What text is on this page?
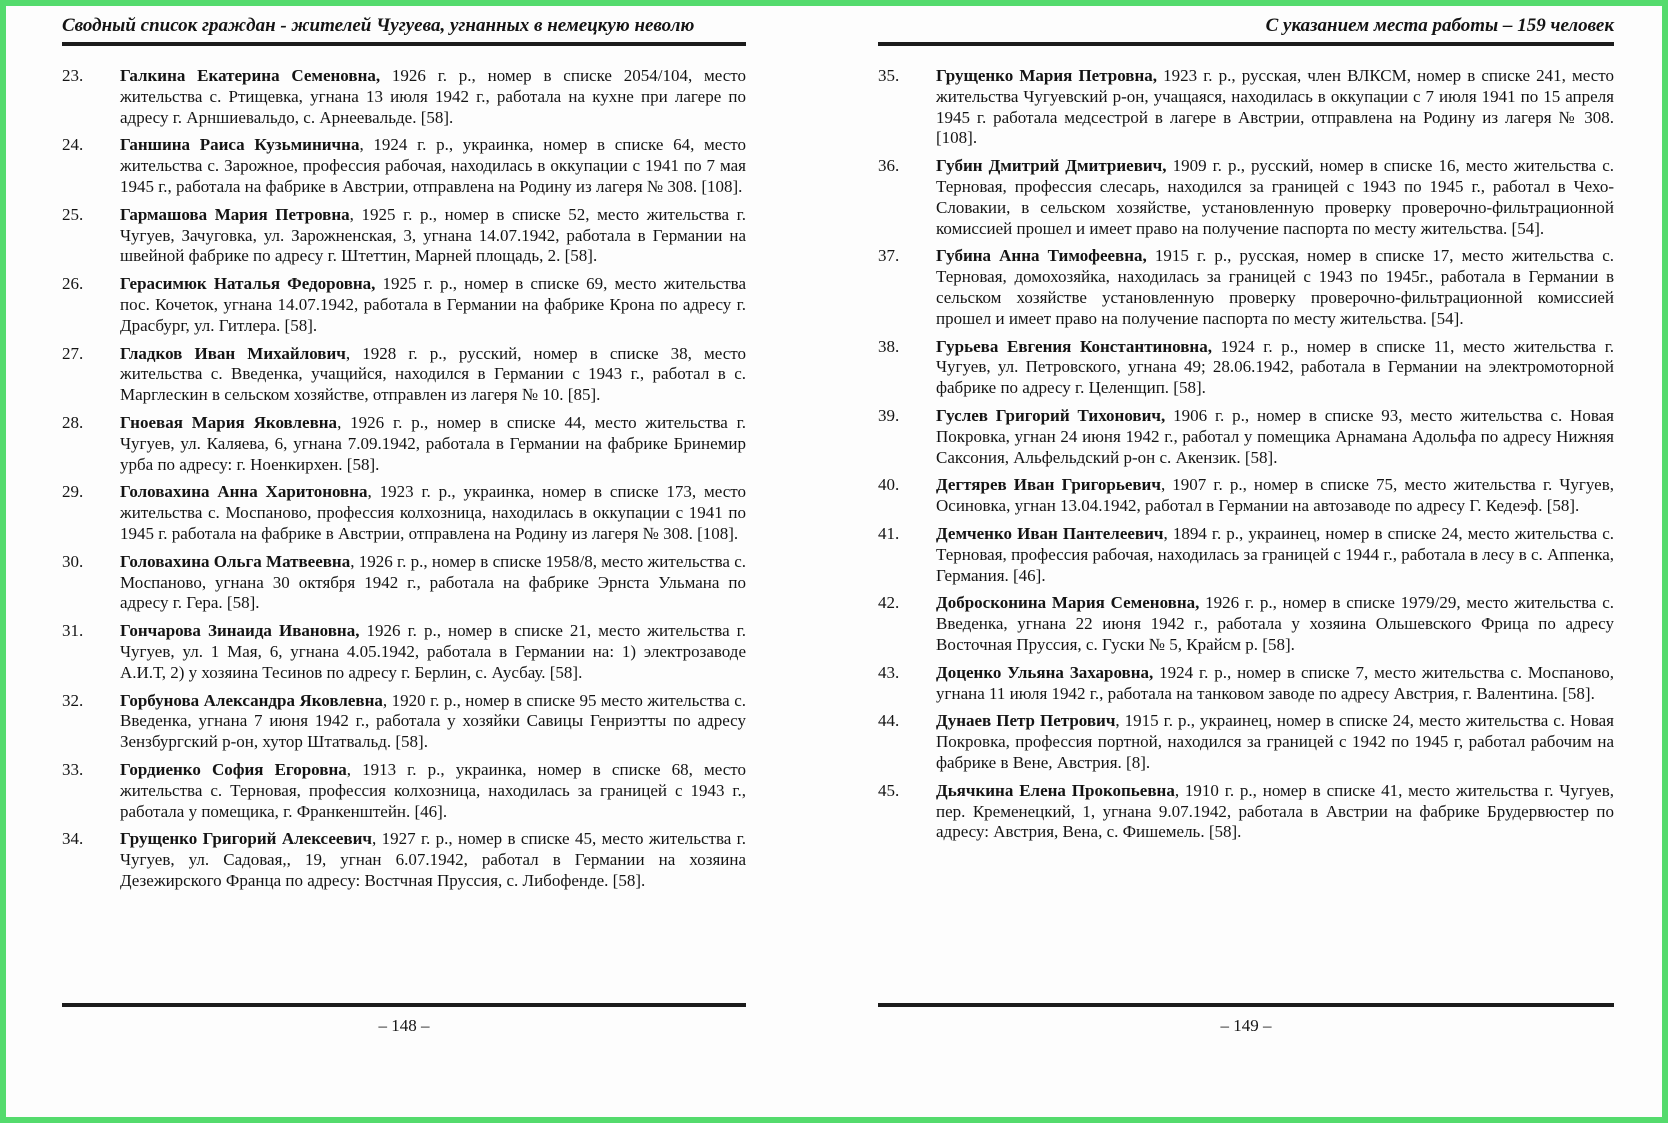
Сводный список граждан - жителей Чугуева, угнанных в немецкую неволю
23.	Галкина Екатерина Семеновна, 1926 г. р., номер в списке 2054/104, место жительства с. Ртищевка, угнана 13 июля 1942 г., работала на кухне при лагере по адресу г. Арншиевальдо, с. Арнеевальде. [58].
24.	Ганшина Раиса Кузьминична, 1924 г. р., украинка, номер в списке 64, место жительства с. Зарожное, профессия рабочая, находилась в оккупации с 1941 по 7 мая 1945 г., работала на фабрике в Австрии, отправлена на Родину из лагеря № 308. [108].
25.	Гармашова Мария Петровна, 1925 г. р., номер в списке 52, место жительства г. Чугуев, Зачуговка, ул. Зарожненская, 3, угнана 14.07.1942, работала в Германии на швейной фабрике по адресу г. Штеттин, Марней площадь, 2. [58].
26.	Герасимюк Наталья Федоровна, 1925 г. р., номер в списке 69, место жительства пос. Кочеток, угнана 14.07.1942, работала в Германии на фабрике Крона по адресу г. Драсбург, ул. Гитлера. [58].
27.	Гладков Иван Михайлович, 1928 г. р., русский, номер в списке 38, место жительства с. Введенка, учащийся, находился в Германии с 1943 г., работал в с. Марглескин в сельском хозяйстве, отправлен из лагеря № 10. [85].
28.	Гноевая Мария Яковлевна, 1926 г. р., номер в списке 44, место жительства г. Чугуев, ул. Каляева, 6, угнана 7.09.1942, работала в Германии на фабрике Бринемир урба по адресу: г. Ноенкирхен. [58].
29.	Головахина Анна Харитоновна, 1923 г. р., украинка, номер в списке 173, место жительства с. Моспаново, профессия колхозница, находилась в оккупации с 1941 по 1945 г. работала на фабрике в Австрии, отправлена на Родину из лагеря № 308. [108].
30.	Головахина Ольга Матвеевна, 1926 г. р., номер в списке 1958/8, место жительства с. Моспаново, угнана 30 октября 1942 г., работала на фабрике Эрнста Ульмана по адресу г. Гера. [58].
31.	Гончарова Зинаида Ивановна, 1926 г. р., номер в списке 21, место жительства г. Чугуев, ул. 1 Мая, 6, угнана 4.05.1942, работала в Германии на: 1) электрозаводе А.И.Т, 2) у хозяина Тесинов по адресу г. Берлин, с. Аусбау. [58].
32.	Горбунова Александра Яковлевна, 1920 г. р., номер в списке 95 место жительства с. Введенка, угнана 7 июня 1942 г., работала у хозяйки Савицы Генриэтты по адресу Зензбургский р-он, хутор Штатвальд. [58].
33.	Гордиенко София Егоровна, 1913 г. р., украинка, номер в списке 68, место жительства с. Терновая, профессия колхозница, находилась за границей с 1943 г., работала у помещика, г. Франкенштейн. [46].
34.	Грущенко Григорий Алексеевич, 1927 г. р., номер в списке 45, место жительства г. Чугуев, ул. Садовая,, 19, угнан 6.07.1942, работал в Германии на хозяина Дезежирского Франца по адресу: Востчная Пруссия, с. Либофенде. [58].
– 148 –
С указанием места работы – 159 человек
35.	Грущенко Мария Петровна, 1923 г. р., русская, член ВЛКСМ, номер в списке 241, место жительства Чугуевский р-он, учащаяся, находилась в оккупации с 7 июля 1941 по 15 апреля 1945 г. работала медсестрой в лагере в Австрии, отправлена на Родину из лагеря № 308. [108].
36.	Губин Дмитрий Дмитриевич, 1909 г. р., русский, номер в списке 16, место жительства с. Терновая, профессия слесарь, находился за границей с 1943 по 1945 г., работал в Чехо-Словакии, в сельском хозяйстве, установленную проверку проверочно-фильтрационной комиссией прошел и имеет право на получение паспорта по месту жительства. [54].
37.	Губина Анна Тимофеевна, 1915 г. р., русская, номер в списке 17, место жительства с. Терновая, домохозяйка, находилась за границей с 1943 по 1945г., работала в Германии в сельском хозяйстве установленную проверку проверочно-фильтрационной комиссией прошел и имеет право на получение паспорта по месту жительства. [54].
38.	Гурьева Евгения Константиновна, 1924 г. р., номер в списке 11, место жительства г. Чугуев, ул. Петровского, угнана 49; 28.06.1942, работала в Германии на электромоторной фабрике по адресу г. Целенщип. [58].
39.	Гуслев Григорий Тихонович, 1906 г. р., номер в списке 93, место жительства с. Новая Покровка, угнан 24 июня 1942 г., работал у помещика Арнамана Адольфа по адресу Нижняя Саксония, Альфельдский р-он с. Акензик. [58].
40.	Дегтярев Иван Григорьевич, 1907 г. р., номер в списке 75, место жительства г. Чугуев, Осиновка, угнан 13.04.1942, работал в Германии на автозаводе по адресу Г. Кедеэф. [58].
41.	Демченко Иван Пантелеевич, 1894 г. р., украинец, номер в списке 24, место жительства с. Терновая, профессия рабочая, находилась за границей с 1944 г., работала в лесу в с. Аппенка, Германия. [46].
42.	Добросконина Мария Семеновна, 1926 г. р., номер в списке 1979/29, место жительства с. Введенка, угнана 22 июня 1942 г., работала у хозяина Ольшевского Фрица по адресу Восточная Пруссия, с. Гуски № 5, Крайсм р. [58].
43.	Доценко Ульяна Захаровна, 1924 г. р., номер в списке 7, место жительства с. Моспаново, угнана 11 июля 1942 г., работала на танковом заводе по адресу Австрия, г. Валентина. [58].
44.	Дунаев Петр Петрович, 1915 г. р., украинец, номер в списке 24, место жительства с. Новая Покровка, профессия портной, находился за границей с 1942 по 1945 г, работал рабочим на фабрике в Вене, Австрия. [8].
45.	Дьячкина Елена Прокопьевна, 1910 г. р., номер в списке 41, место жительства г. Чугуев, пер. Кременецкий, 1, угнана 9.07.1942, работала в Австрии на фабрике Брудервюстер по адресу: Австрия, Вена, с. Фишемель. [58].
– 149 –
